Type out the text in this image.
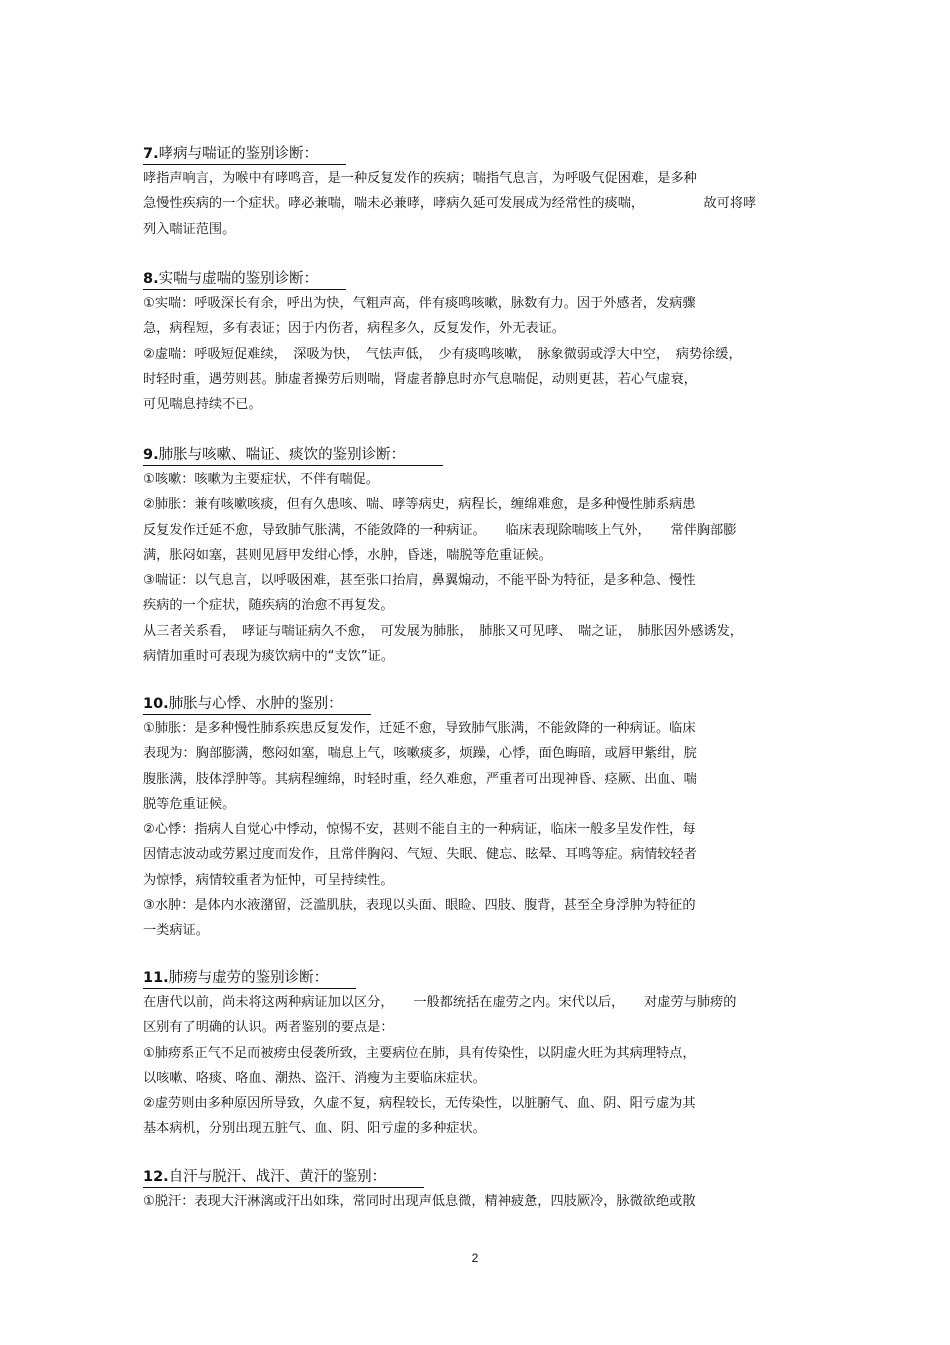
7.哮病与喘证的鉴别诊断：
哮指声响言，为喉中有哮鸣音，是一种反复发作的疾病；喘指气息言，为呼吸气促困难，是多种
急慢性疾病的一个症状。哮必兼喘，喘未必兼哮，哮病久延可发展成为经常性的痰喘，　　　　　故可将哮
列入喘证范围。
8.实喘与虚喘的鉴别诊断：
①实喘：呼吸深长有余，呼出为快，气粗声高，伴有痰鸣咳嗽，脉数有力。因于外感者，发病骤
急，病程短，多有表证；因于内伤者，病程多久，反复发作，外无表证。
②虚喘：呼吸短促难续，　深吸为快，　气怯声低，　少有痰鸣咳嗽，　脉象微弱或浮大中空，　病势徐缓，
时轻时重，遇劳则甚。肺虚者操劳后则喘，肾虚者静息时亦气息喘促，动则更甚，若心气虚衰，
可见喘息持续不已。
9.肺胀与咳嗽、喘证、痰饮的鉴别诊断：
①咳嗽：咳嗽为主要症状，不伴有喘促。
②肺胀：兼有咳嗽咳痰，但有久患咳、喘、哮等病史，病程长，缠绵难愈，是多种慢性肺系病患
反复发作迁延不愈，导致肺气胀满，不能敛降的一种病证。　　临床表现除喘咳上气外，　　常伴胸部膨
满，胀闷如塞，甚则见唇甲发绀心悸，水肿，昏迷，喘脱等危重证候。
③喘证：以气息言，以呼吸困难，甚至张口抬肩，鼻翼煽动，不能平卧为特征，是多种急、慢性
疾病的一个症状，随疾病的治愈不再复发。
从三者关系看，　哮证与喘证病久不愈，　可发展为肺胀，　肺胀又可见哮、　喘之证，　肺胀因外感诱发，
病情加重时可表现为痰饮病中的“支饮”证。
10.肺胀与心悸、水肿的鉴别：
①肺胀：是多种慢性肺系疾患反复发作，迁延不愈，导致肺气胀满，不能敛降的一种病证。临床
表现为：胸部膨满，憋闷如塞，喘息上气，咳嗽痰多，烦躁，心悸，面色晦暗，或唇甲紫绀，脘
腹胀满，肢体浮肿等。其病程缠绵，时轻时重，经久难愈，严重者可出现神昏、痉厥、出血、喘
脱等危重证候。
②心悸：指病人自觉心中悸动，惊惕不安，甚则不能自主的一种病证，临床一般多呈发作性，每
因情志波动或劳累过度而发作，且常伴胸闷、气短、失眠、健忘、眩晕、耳鸣等症。病情较轻者
为惊悸，病情较重者为怔忡，可呈持续性。
③水肿：是体内水液潴留，泛滥肌肤，表现以头面、眼睑、四肢、腹背，甚至全身浮肿为特征的
一类病证。
11.肺痨与虚劳的鉴别诊断：
在唐代以前，尚未将这两种病证加以区分，　　一般都统括在虚劳之内。宋代以后，　　对虚劳与肺痨的
区别有了明确的认识。两者鉴别的要点是：
①肺痨系正气不足而被痨虫侵袭所致，主要病位在肺，具有传染性，以阴虚火旺为其病理特点，
以咳嗽、咯痰、咯血、潮热、盗汗、消瘦为主要临床症状。
②虚劳则由多种原因所导致，久虚不复，病程较长，无传染性，以脏腑气、血、阴、阳亏虚为其
基本病机，分别出现五脏气、血、阴、阳亏虚的多种症状。
12.自汗与脱汗、战汗、黄汗的鉴别：
①脱汗：表现大汗淋漓或汗出如珠，常同时出现声低息微，精神疲惫，四肢厥冷，脉微欲绝或散
2
